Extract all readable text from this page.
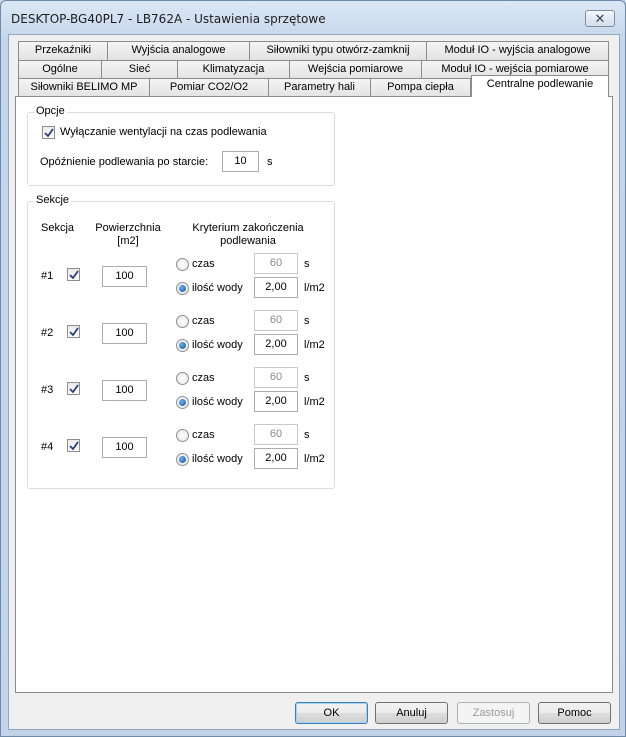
DESKTOP-BG40PL7 - LB762A - Ustawienia sprzętowe	✕
Przekaźniki	Wyjścia analogowe	Siłowniki typu otwórz-zamknij	Moduł IO - wyjścia analogowe
Ogólne	Sieć	Klimatyzacja	Wejścia pomiarowe	Moduł IO - wejścia pomiarowe
Siłowniki BELIMO MP	Pomiar CO2/O2	Parametry hali	Pompa ciepła	Centralne podlewanie
Opcje
Wyłączanie wentylacji na czas podlewania
Opóźnienie podlewania po starcie:	10	s
Sekcje
Sekcja Powierzchnia
[m2]
Kryterium zakończenia
podlewania
#1	100
czas	60	s
ilość wody	2,00	l/m2
#2	100
czas	60	s
ilość wody	2,00	l/m2
#3	100
czas	60	s
ilość wody	2,00	l/m2
#4	100
czas	60	s
ilość wody	2,00	l/m2
OK	Anuluj	Zastosuj	Pomoc
